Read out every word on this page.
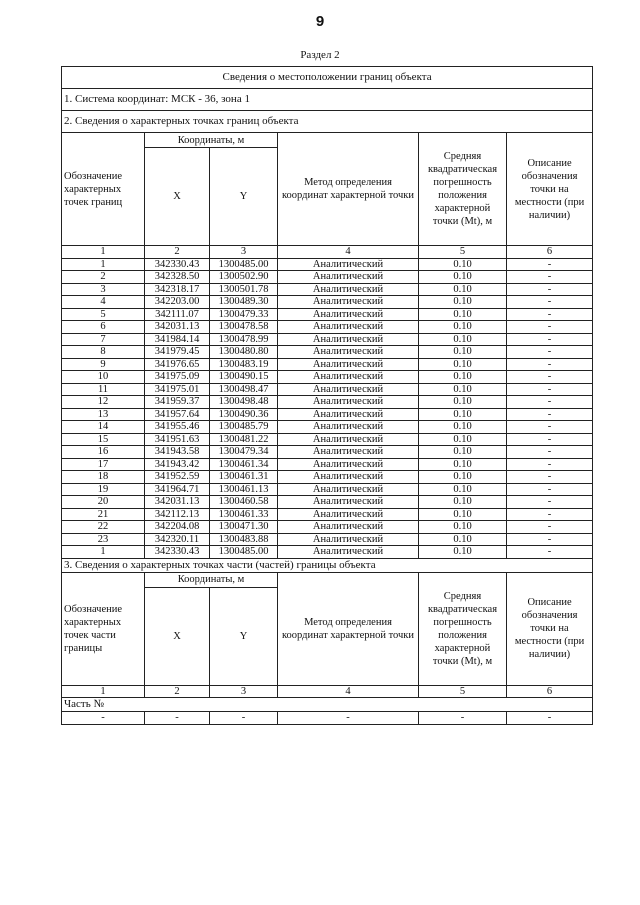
9
Раздел 2
Сведения о местоположении границ объекта					
1. Система координат: МСК - 36, зона 1					
2. Сведения о характерных точках границ объекта					
Обозначение характерных точек границ	Координаты, м		Метод определения координат характерной точки	Средняя квадратическая погрешность положения характерной точки (Mt), м	Описание обозначения точки на местности (при наличии)
	X	Y			
1	2	3	4	5	6
1	342330.43	1300485.00	Аналитический	0.10	-
2	342328.50	1300502.90	Аналитический	0.10	-
3	342318.17	1300501.78	Аналитический	0.10	-
4	342203.00	1300489.30	Аналитический	0.10	-
5	342111.07	1300479.33	Аналитический	0.10	-
6	342031.13	1300478.58	Аналитический	0.10	-
7	341984.14	1300478.99	Аналитический	0.10	-
8	341979.45	1300480.80	Аналитический	0.10	-
9	341976.65	1300483.19	Аналитический	0.10	-
10	341975.09	1300490.15	Аналитический	0.10	-
11	341975.01	1300498.47	Аналитический	0.10	-
12	341959.37	1300498.48	Аналитический	0.10	-
13	341957.64	1300490.36	Аналитический	0.10	-
14	341955.46	1300485.79	Аналитический	0.10	-
15	341951.63	1300481.22	Аналитический	0.10	-
16	341943.58	1300479.34	Аналитический	0.10	-
17	341943.42	1300461.34	Аналитический	0.10	-
18	341952.59	1300461.31	Аналитический	0.10	-
19	341964.71	1300461.13	Аналитический	0.10	-
20	342031.13	1300460.58	Аналитический	0.10	-
21	342112.13	1300461.33	Аналитический	0.10	-
22	342204.08	1300471.30	Аналитический	0.10	-
23	342320.11	1300483.88	Аналитический	0.10	-
1	342330.43	1300485.00	Аналитический	0.10	-
3. Сведения о характерных точках части (частей) границы объекта					
Обозначение характерных точек части границы	Координаты, м		Метод определения координат характерной точки	Средняя квадратическая погрешность положения характерной точки (Mt), м	Описание обозначения точки на местности (при наличии)
	X	Y			
1	2	3	4	5	6
Часть №					
-	-	-	-	-	-
